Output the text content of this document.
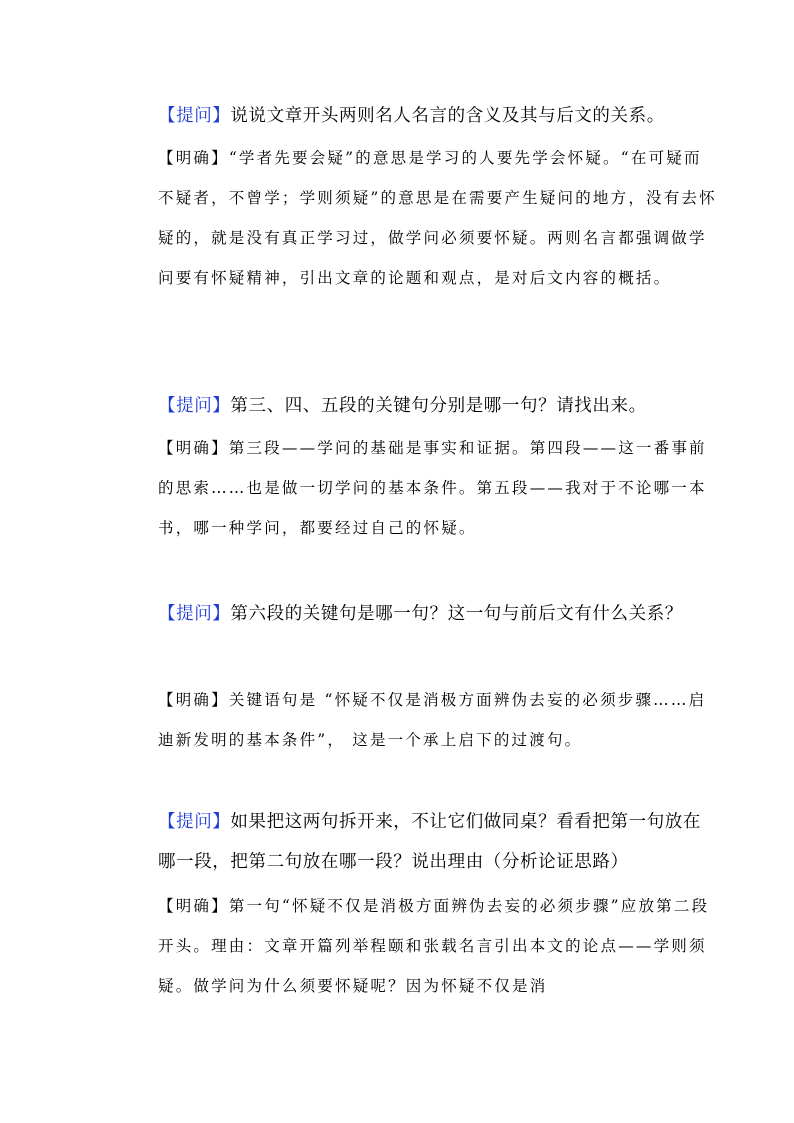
【提问】说说文章开头两则名人名言的含义及其与后文的关系。

【明确】“学者先要会疑”的意思是学习的人要先学会怀疑。“在可疑而不疑者，不曾学；学则须疑”的意思是在需要产生疑问的地方，没有去怀疑的，就是没有真正学习过，做学问必须要怀疑。两则名言都强调做学问要有怀疑精神，引出文章的论题和观点，是对后文内容的概括。

【提问】第三、四、五段的关键句分别是哪一句？请找出来。

【明确】第三段——学问的基础是事实和证据。第四段——这一番事前的思索……也是做一切学问的基本条件。第五段——我对于不论哪一本书，哪一种学问，都要经过自己的怀疑。

【提问】第六段的关键句是哪一句？这一句与前后文有什么关系？

【明确】关键语句是 “怀疑不仅是消极方面辨伪去妄的必须步骤……启迪新发明的基本条件”， 这是一个承上启下的过渡句。

【提问】如果把这两句拆开来，不让它们做同桌？看看把第一句放在哪一段，把第二句放在哪一段？说出理由（分析论证思路）

【明确】第一句“怀疑不仅是消极方面辨伪去妄的必须步骤”应放第二段开头。理由：文章开篇列举程颐和张载名言引出本文的论点——学则须疑。做学问为什么须要怀疑呢？因为怀疑不仅是消
